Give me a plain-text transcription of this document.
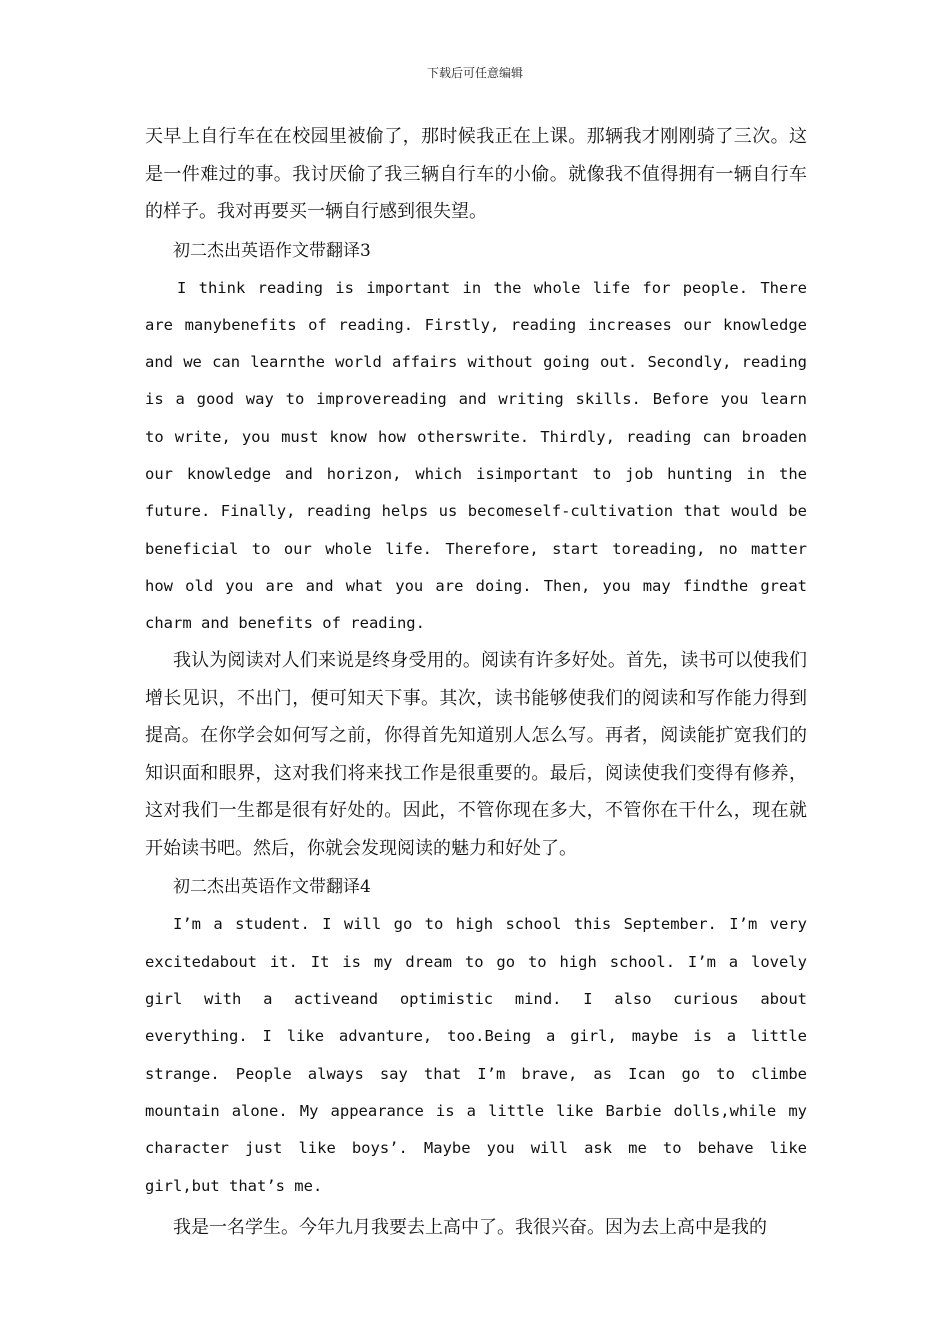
下载后可任意编辑

天早上自行车在在校园里被偷了，那时候我正在上课。那辆我才刚刚骑了三次。这是一件难过的事。我讨厌偷了我三辆自行车的小偷。就像我不值得拥有一辆自行车的样子。我对再要买一辆自行感到很失望。

初二杰出英语作文带翻译3

I think reading is important in the whole life for people. There are manybenefits of reading. Firstly, reading increases our knowledge and we can learnthe world affairs without going out. Secondly, reading is a good way to improvereading and writing skills. Before you learn to write, you must know how otherswrite. Thirdly, reading can broaden our knowledge and horizon, which isimportant to job hunting in the future. Finally, reading helps us becomeself-cultivation that would be beneficial to our whole life. Therefore, start toreading, no matter how old you are and what you are doing. Then, you may findthe great charm and benefits of reading.

我认为阅读对人们来说是终身受用的。阅读有许多好处。首先，读书可以使我们增长见识，不出门，便可知天下事。其次，读书能够使我们的阅读和写作能力得到提高。在你学会如何写之前，你得首先知道别人怎么写。再者，阅读能扩宽我们的知识面和眼界，这对我们将来找工作是很重要的。最后，阅读使我们变得有修养，这对我们一生都是很有好处的。因此，不管你现在多大，不管你在干什么，现在就开始读书吧。然后，你就会发现阅读的魅力和好处了。

初二杰出英语作文带翻译4

I’m a student. I will go to high school this September. I’m very excitedabout it. It is my dream to go to high school. I’m a lovely girl with a activeand optimistic mind. I also curious about everything. I like advanture, too.Being a girl, maybe is a little strange. People always say that I’m brave, as Ican go to climbe mountain alone. My appearance is a little like Barbie dolls,while my character just like boys’. Maybe you will ask me to behave like girl,but that’s me.

我是一名学生。今年九月我要去上高中了。我很兴奋。因为去上高中是我的
